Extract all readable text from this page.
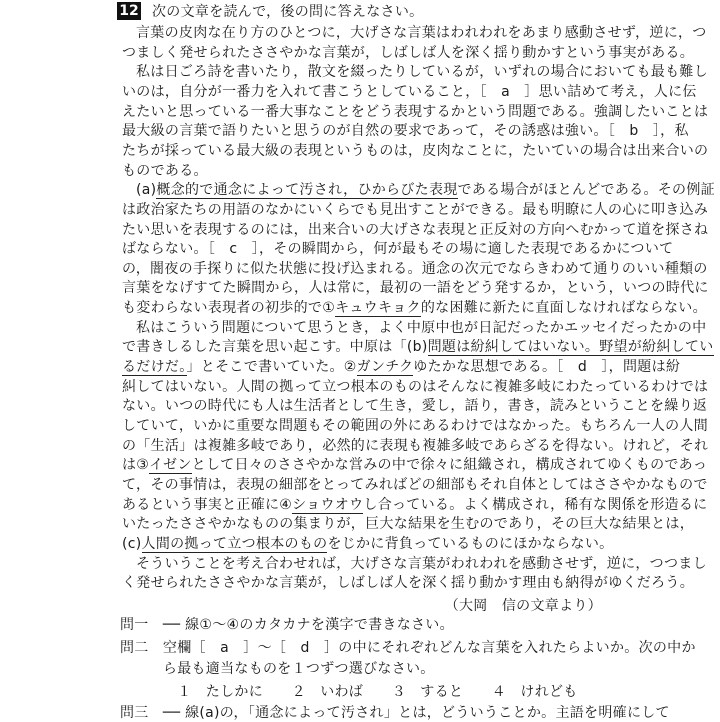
12 次の文章を読んで，後の問に答えなさい。
言葉の皮肉な在り方のひとつに，大げさな言葉はわれわれをあまり感動させず，逆に，つ
つましく発せられたささやかな言葉が，しばしば人を深く揺り動かすという事実がある。
私は日ごろ詩を書いたり，散文を綴ったりしているが，いずれの場合においても最も難し
いのは，自分が一番力を入れて書こうとしていること，［　a　］思い詰めて考え，人に伝
えたいと思っている一番大事なことをどう表現するかという問題である。強調したいことは
最大級の言葉で語りたいと思うのが自然の要求であって，その誘惑は強い。［　b　］，私
たちが採っている最大級の表現というものは，皮肉なことに，たいていの場合は出来合いの
ものである。
(a)概念的で通念によって汚され，ひからびた表現である場合がほとんどである。その例証
は政治家たちの用語のなかにいくらでも見出すことができる。最も明瞭に人の心に叩き込み
たい思いを表現するのには，出来合いの大げさな表現と正反対の方向へむかって道を探さね
ばならない。［　c　］，その瞬間から，何が最もその場に適した表現であるかについて
の，闇夜の手探りに似た状態に投げ込まれる。通念の次元でならきわめて通りのいい種類の
言葉をなげすてた瞬間から，人は常に，最初の一語をどう発するか，という，いつの時代に
も変わらない表現者の初歩的で①キュウキョク的な困難に新たに直面しなければならない。
私はこういう問題について思うとき，よく中原中也が日記だったかエッセイだったかの中
で書きしるした言葉を思い起こす。中原は「(b)問題は紛糾してはいない。野望が紛糾してい
るだけだ。」とそこで書いていた。②ガンチクゆたかな思想である。［　d　］，問題は紛
糾してはいない。人間の拠って立つ根本のものはそんなに複雑多岐にわたっているわけでは
ない。いつの時代にも人は生活者として生き，愛し，語り，書き，読みということを繰り返
していて，いかに重要な問題もその範囲の外にあるわけではなかった。もちろん一人の人間
の「生活」は複雑多岐であり，必然的に表現も複雑多岐であらざるを得ない。けれど，それ
は③イゼンとして日々のささやかな営みの中で徐々に組織され，構成されてゆくものであっ
て，その事情は，表現の細部をとってみればどの細部もそれ自体としてはささやかなもので
あるという事実と正確に④ショウオウし合っている。よく構成され，稀有な関係を形造るに
いたったささやかなものの集まりが，巨大な結果を生むのであり，その巨大な結果とは，
(c)人間の拠って立つ根本のものをじかに背負っているものにほかならない。
そういうことを考え合わせれば，大げさな言葉がわれわれを感動させず，逆に，つつまし
く発せられたささやかな言葉が，しばしば人を深く揺り動かす理由も納得がゆくだろう。
（大岡　信の文章より）
問一　── 線①～④のカタカナを漢字で書きなさい。
問二　空欄［　a　］～［　d　］の中にそれぞれどんな言葉を入れたらよいか。次の中か
　　　ら最も適当なものを１つずつ選びなさい。
　　　　１　たしかに　　２　いわば　　３　すると　　４　けれども
問三　── 線(a)の，「通念によって汚され」とは，どういうことか。主語を明確にして
